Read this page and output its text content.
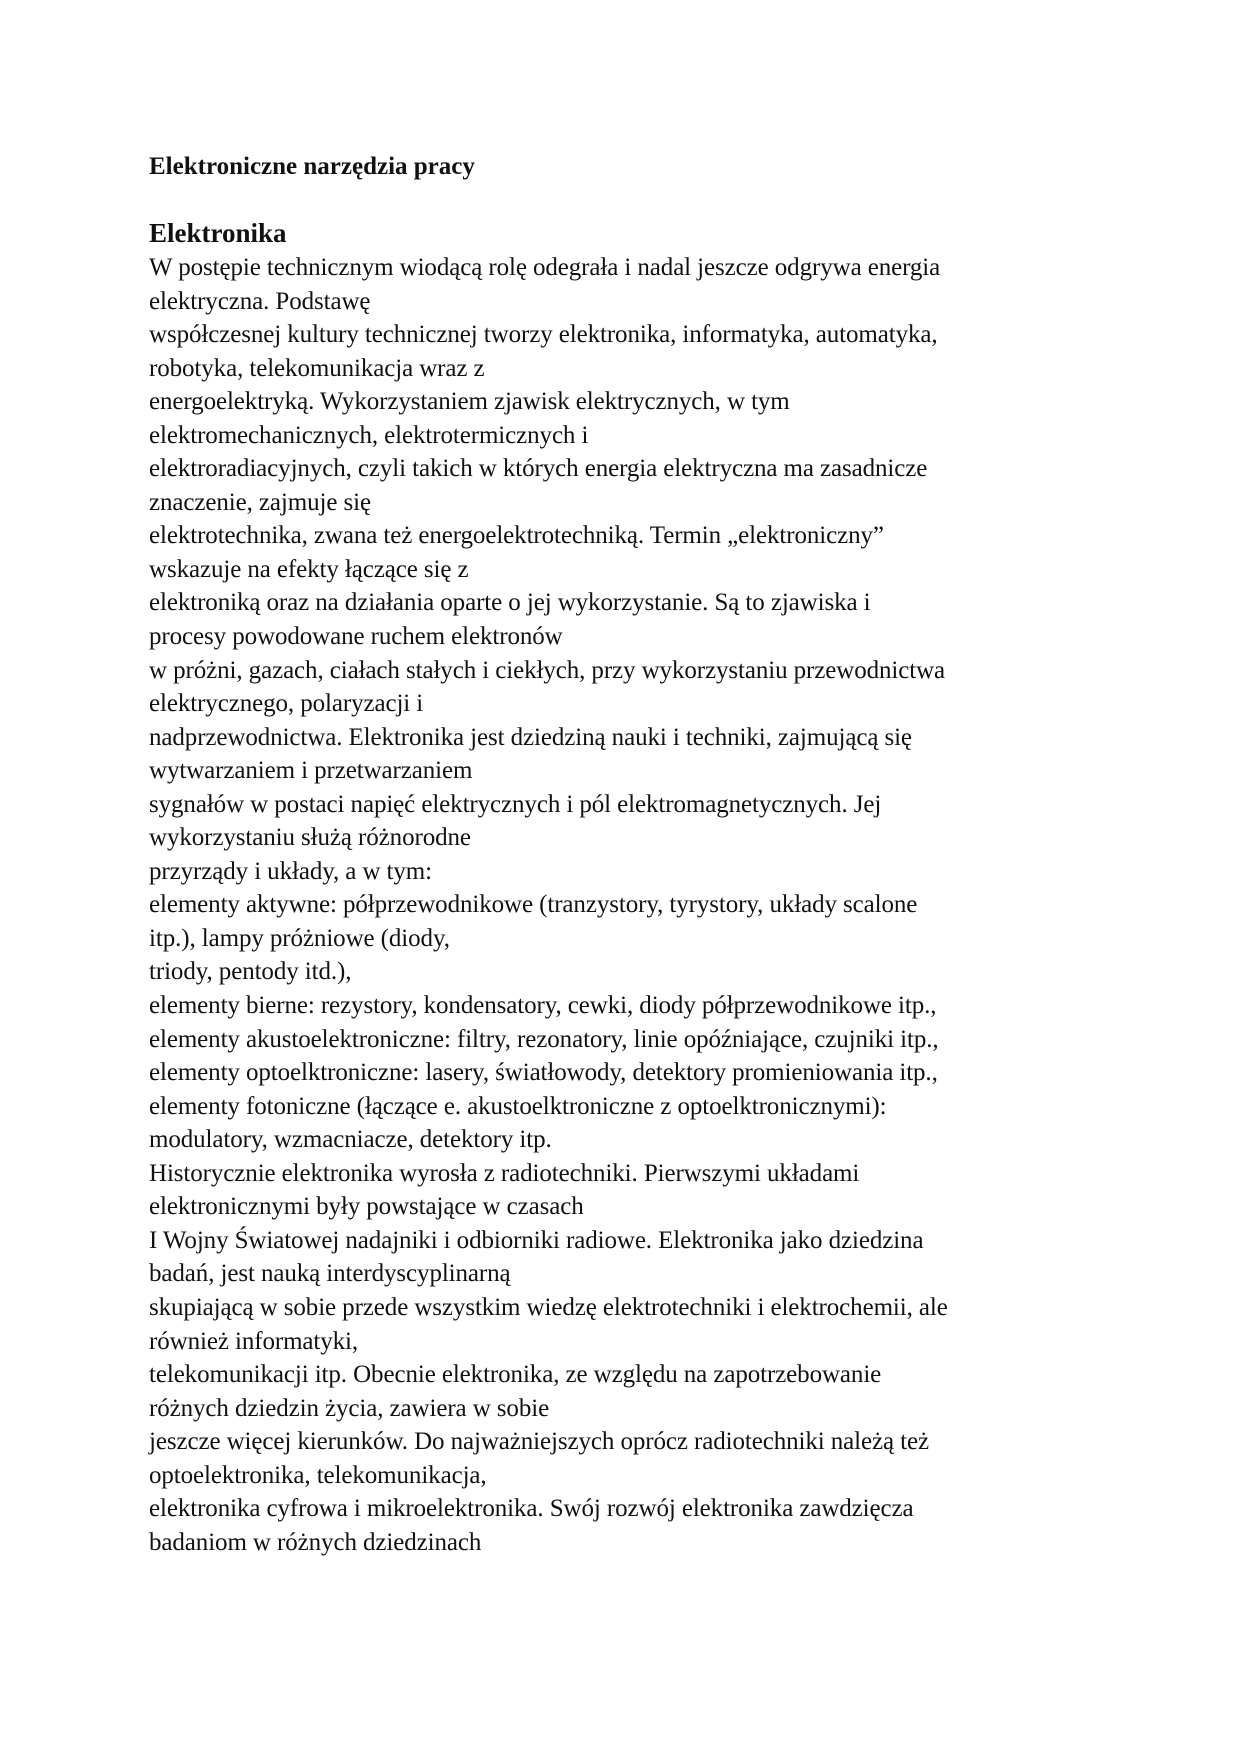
Elektroniczne narzędzia pracy
Elektronika
W postępie technicznym wiodącą rolę odegrała i nadal jeszcze odgrywa energia
elektryczna. Podstawę
współczesnej kultury technicznej tworzy elektronika, informatyka, automatyka,
robotyka, telekomunikacja wraz z
energoelektryką. Wykorzystaniem zjawisk elektrycznych, w tym
elektromechanicznych, elektrotermicznych i
elektroradiacyjnych, czyli takich w których energia elektryczna ma zasadnicze
znaczenie, zajmuje się
elektrotechnika, zwana też energoelektrotechniką. Termin „elektroniczny”
wskazuje na efekty łączące się z
elektroniką oraz na działania oparte o jej wykorzystanie. Są to zjawiska i
procesy powodowane ruchem elektronów
w próżni, gazach, ciałach stałych i ciekłych, przy wykorzystaniu przewodnictwa
elektrycznego, polaryzacji i
nadprzewodnictwa. Elektronika jest dziedziną nauki i techniki, zajmującą się
wytwarzaniem i przetwarzaniem
sygnałów w postaci napięć elektrycznych i pól elektromagnetycznych. Jej
wykorzystaniu służą różnorodne
przyrządy i układy, a w tym:
elementy aktywne: półprzewodnikowe (tranzystory, tyrystory, układy scalone
itp.), lampy próżniowe (diody,
triody, pentody itd.),
elementy bierne: rezystory, kondensatory, cewki, diody półprzewodnikowe itp.,
elementy akustoelektroniczne: filtry, rezonatory, linie opóźniające, czujniki itp.,
elementy optoelktroniczne: lasery, światłowody, detektory promieniowania itp.,
elementy fotoniczne (łączące e. akustoelktroniczne z optoelktronicznymi):
modulatory, wzmacniacze, detektory itp.
Historycznie elektronika wyrosła z radiotechniki. Pierwszymi układami
elektronicznymi były powstające w czasach
I Wojny Światowej nadajniki i odbiorniki radiowe. Elektronika jako dziedzina
badań, jest nauką interdyscyplinarną
skupiającą w sobie przede wszystkim wiedzę elektrotechniki i elektrochemii, ale
również informatyki,
telekomunikacji itp. Obecnie elektronika, ze względu na zapotrzebowanie
różnych dziedzin życia, zawiera w sobie
jeszcze więcej kierunków. Do najważniejszych oprócz radiotechniki należą też
optoelektronika, telekomunikacja,
elektronika cyfrowa i mikroelektronika. Swój rozwój elektronika zawdzięcza
badaniom w różnych dziedzinach
